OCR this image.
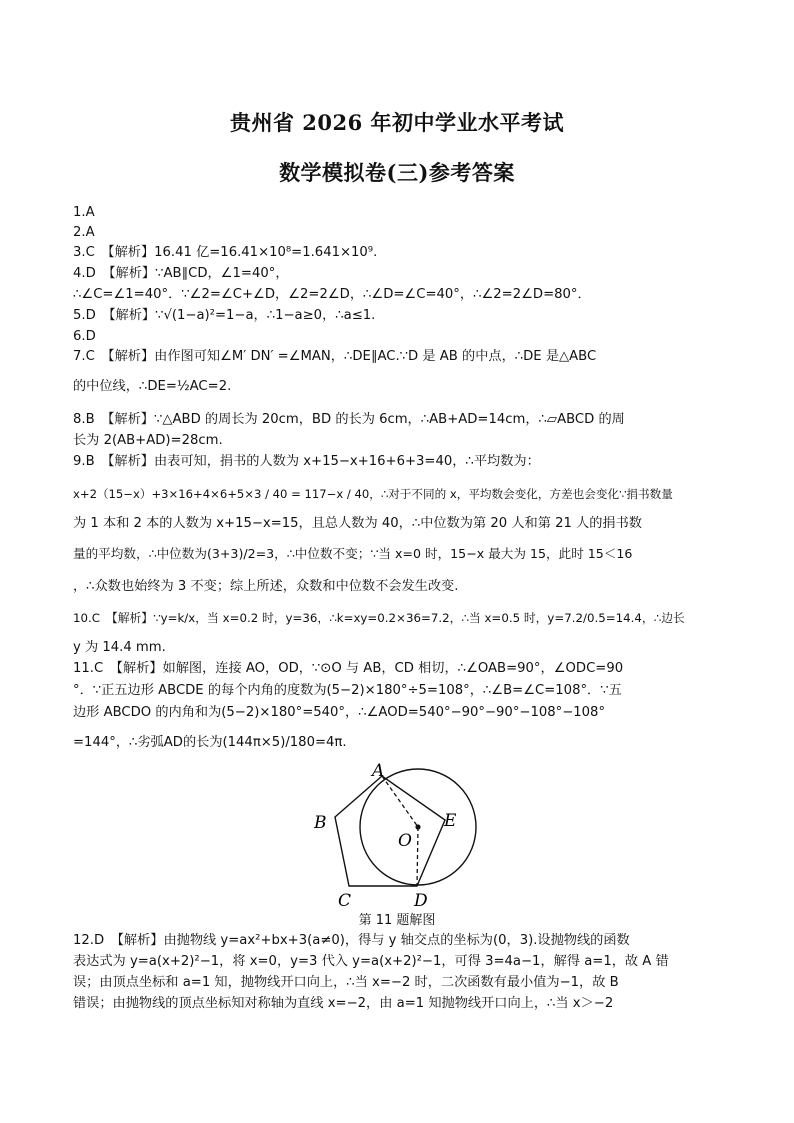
贵州省 2026 年初中学业水平考试
数学模拟卷(三)参考答案
1.A
2.A
3.C　【解析】16.41 亿=16.41×10⁸=1.641×10⁹.
4.D　【解析】∵AB∥CD，∠1=40°，
∴∠C=∠1=40°．∵∠2=∠C+∠D，∠2=2∠D，∴∠D=∠C=40°，∴∠2=2∠D=80°．
5.D　【解析】∵√(1−a)²=1−a，∴1−a≥0，∴a≤1.
6.D
7.C　【解析】由作图可知∠M′ DN′ =∠MAN，∴DE∥AC.∵D 是 AB 的中点，∴DE 是△ABC
的中位线，∴DE=½AC=2.
8.B　【解析】∵△ABD 的周长为 20cm，BD 的长为 6cm，∴AB+AD=14cm，∴▱ABCD 的周
长为 2(AB+AD)=28cm.
9.B　【解析】由表可知，捐书的人数为 x+15−x+16+6+3=40，∴平均数为：
x+2（15−x）+3×16+4×6+5×3 / 40 = 117−x / 40，∴对于不同的 x，平均数会变化，方差也会变化∵捐书数量
为 1 本和 2 本的人数为 x+15−x=15，且总人数为 40，∴中位数为第 20 人和第 21 人的捐书数
量的平均数，∴中位数为(3+3)/2=3，∴中位数不变；∵当 x=0 时，15−x 最大为 15，此时 15＜16
，∴众数也始终为 3 不变；综上所述，众数和中位数不会发生改变.
10.C　【解析】∵y=k/x，当 x=0.2 时，y=36，∴k=xy=0.2×36=7.2，∴当 x=0.5 时，y=7.2/0.5=14.4，∴边长
y 为 14.4 mm.
11.C　【解析】如解图，连接 AO，OD，∵⊙O 与 AB，CD 相切，∴∠OAB=90°，∠ODC=90
°．∵正五边形 ABCDE 的每个内角的度数为(5−2)×180°÷5=108°，∴∠B=∠C=108°．∵五
边形 ABCDO 的内角和为(5−2)×180°=540°，∴∠AOD=540°−90°−90°−108°−108°
=144°，∴劣弧AD的长为(144π×5)/180=4π.
A
B
C	D
E
O
第 11 题解图
12.D　【解析】由抛物线 y=ax²+bx+3(a≠0)，得与 y 轴交点的坐标为(0，3).设抛物线的函数
表达式为 y=a(x+2)²−1，将 x=0，y=3 代入 y=a(x+2)²−1，可得 3=4a−1，解得 a=1，故 A 错
误；由顶点坐标和 a=1 知，抛物线开口向上，∴当 x=−2 时，二次函数有最小值为−1，故 B
错误；由抛物线的顶点坐标知对称轴为直线 x=−2，由 a=1 知抛物线开口向上，∴当 x＞−2
